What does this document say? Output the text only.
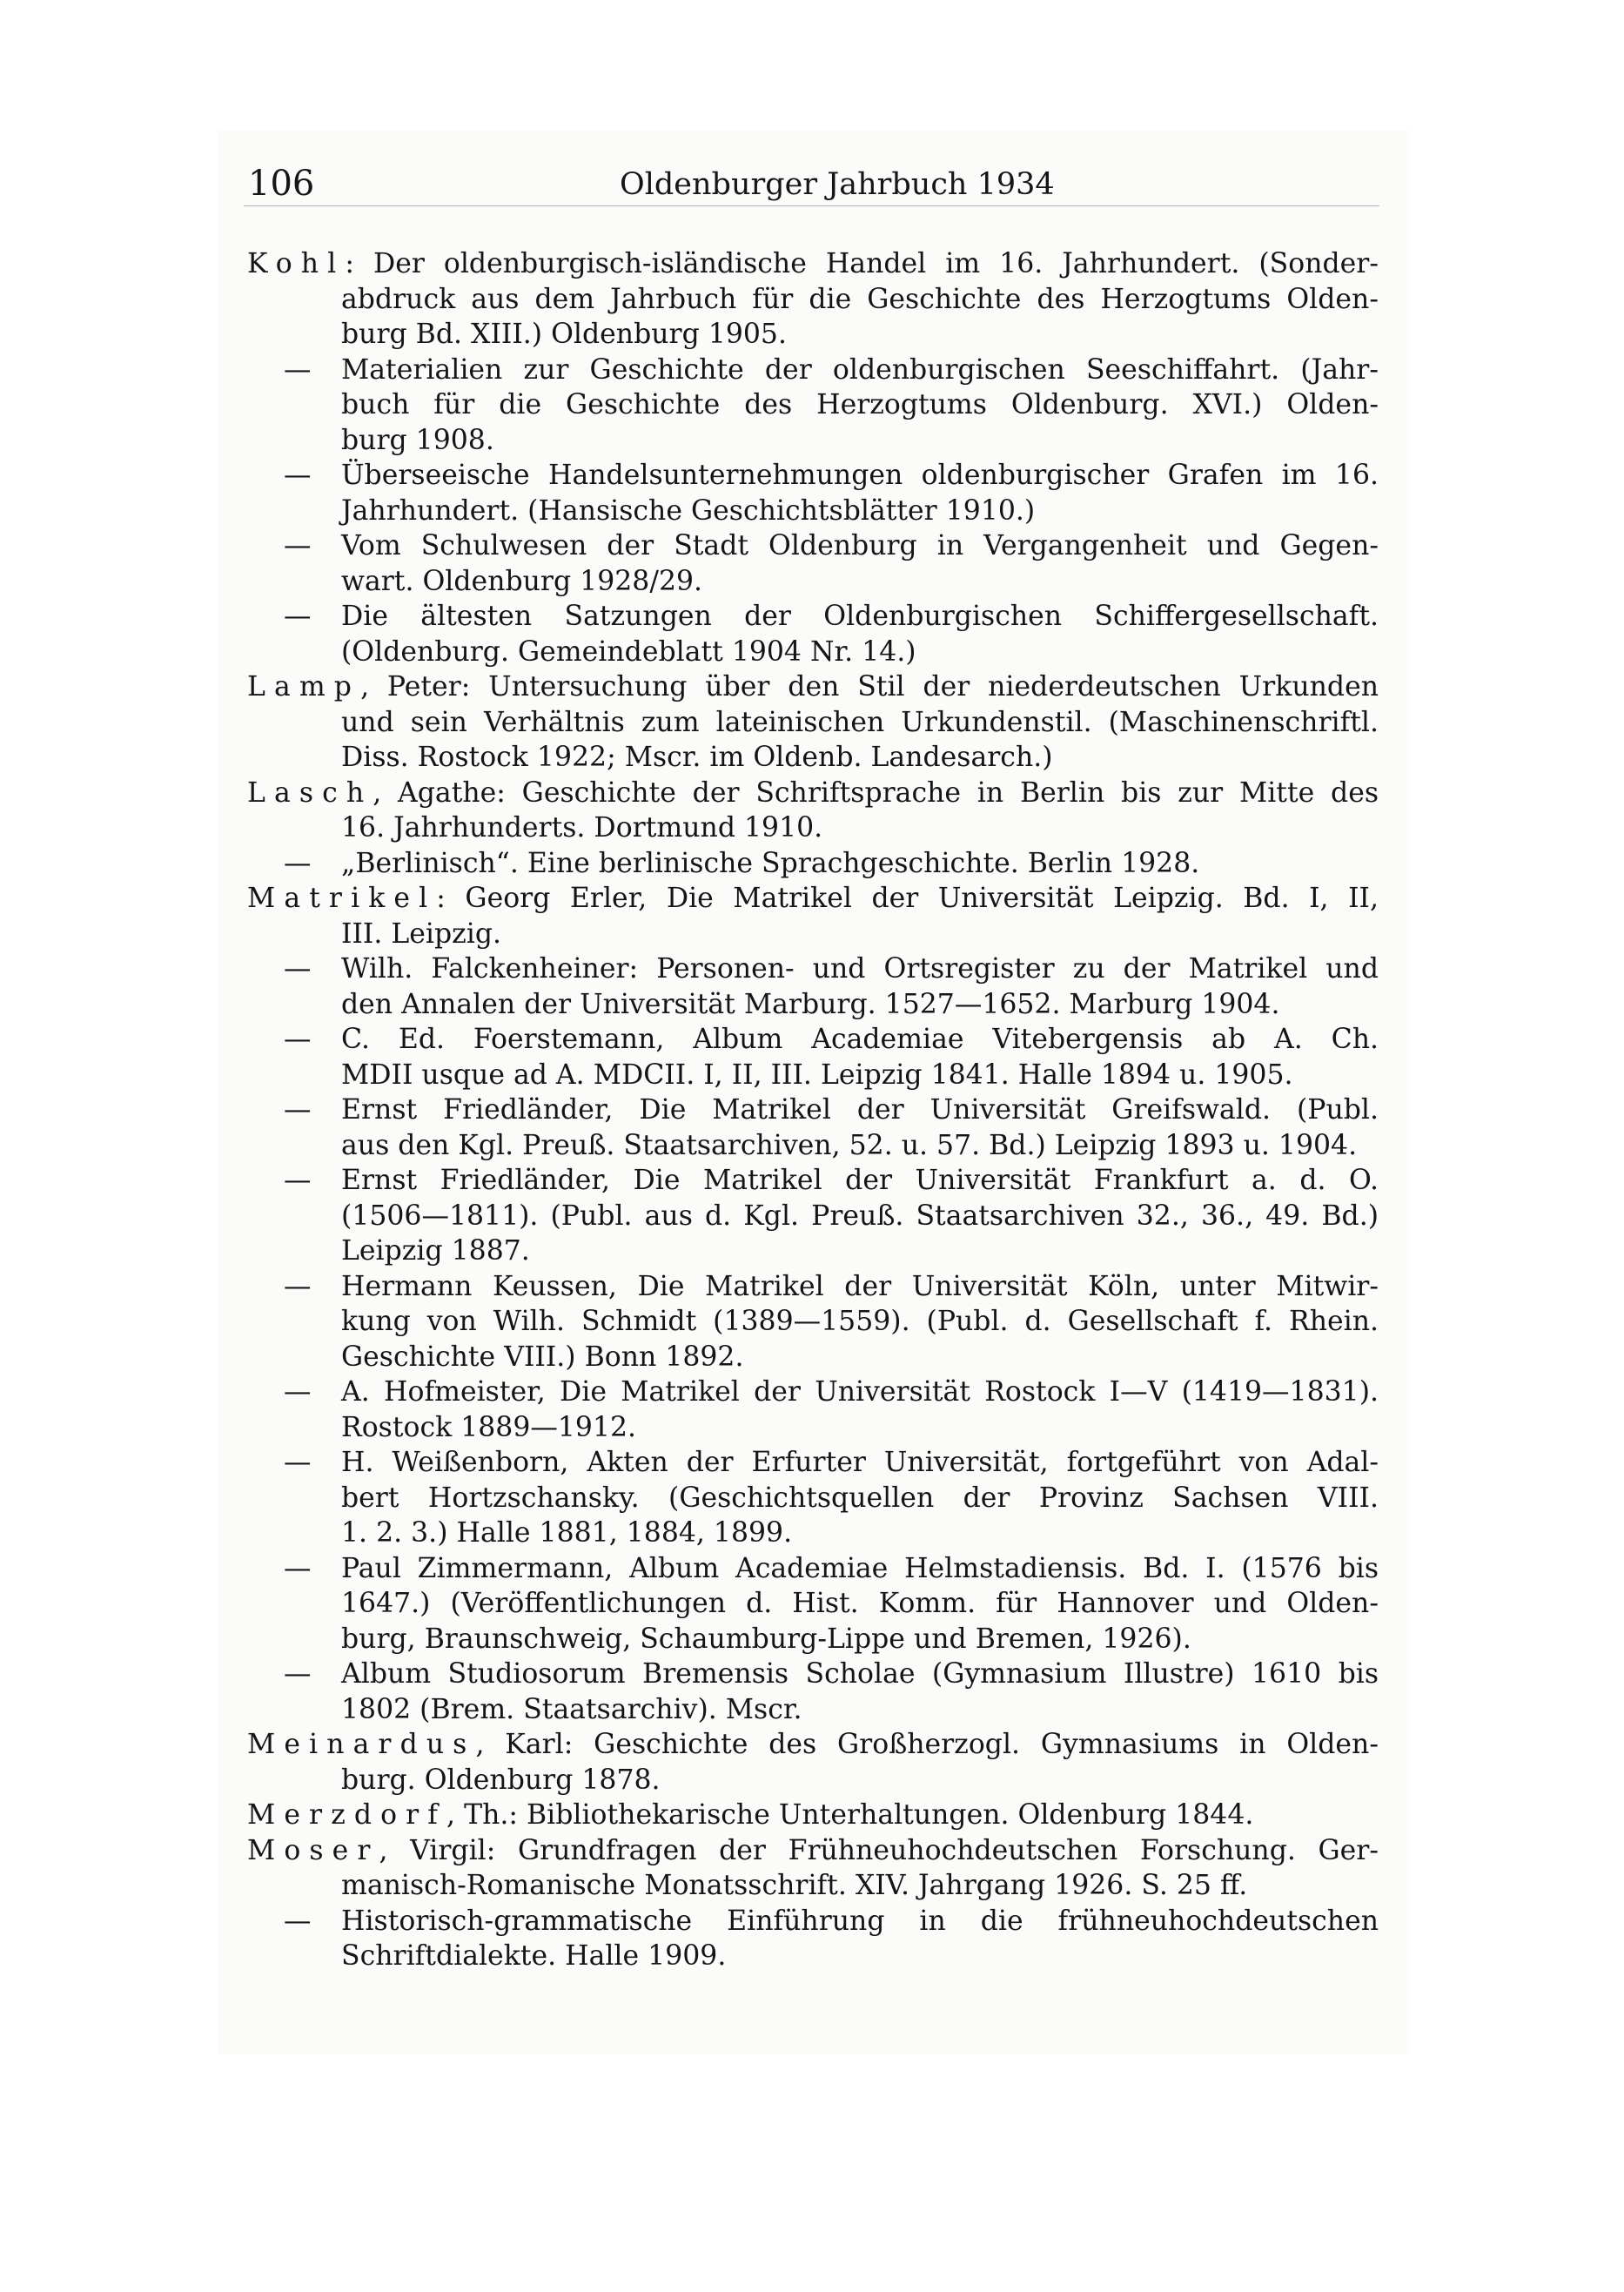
106	Oldenburger Jahrbuch 1934
Kohl: Der oldenburgisch-isländische Handel im 16. Jahrhundert. (Sonder-
abdruck aus dem Jahrbuch für die Geschichte des Herzogtums Olden-
burg Bd. XIII.) Oldenburg 1905.
—	Materialien zur Geschichte der oldenburgischen Seeschiffahrt. (Jahr-
buch für die Geschichte des Herzogtums Oldenburg. XVI.) Olden-
burg 1908.
—	Überseeische Handelsunternehmungen oldenburgischer Grafen im 16.
Jahrhundert. (Hansische Geschichtsblätter 1910.)
—	Vom Schulwesen der Stadt Oldenburg in Vergangenheit und Gegen-
wart. Oldenburg 1928/29.
—	Die ältesten Satzungen der Oldenburgischen Schiffergesellschaft.
(Oldenburg. Gemeindeblatt 1904 Nr. 14.)
Lamp, Peter: Untersuchung über den Stil der niederdeutschen Urkunden
und sein Verhältnis zum lateinischen Urkundenstil. (Maschinenschriftl.
Diss. Rostock 1922; Mscr. im Oldenb. Landesarch.)
Lasch, Agathe: Geschichte der Schriftsprache in Berlin bis zur Mitte des
16. Jahrhunderts. Dortmund 1910.
—	„Berlinisch“. Eine berlinische Sprachgeschichte. Berlin 1928.
Matrikel: Georg Erler, Die Matrikel der Universität Leipzig. Bd. I, II,
III. Leipzig.
—	Wilh. Falckenheiner: Personen- und Ortsregister zu der Matrikel und
den Annalen der Universität Marburg. 1527—1652. Marburg 1904.
—	C. Ed. Foerstemann, Album Academiae Vitebergensis ab A. Ch.
MDII usque ad A. MDCII. I, II, III. Leipzig 1841. Halle 1894 u. 1905.
—	Ernst Friedländer, Die Matrikel der Universität Greifswald. (Publ.
aus den Kgl. Preuß. Staatsarchiven, 52. u. 57. Bd.) Leipzig 1893 u. 1904.
—	Ernst Friedländer, Die Matrikel der Universität Frankfurt a. d. O.
(1506—1811). (Publ. aus d. Kgl. Preuß. Staatsarchiven 32., 36., 49. Bd.)
Leipzig 1887.
—	Hermann Keussen, Die Matrikel der Universität Köln, unter Mitwir-
kung von Wilh. Schmidt (1389—1559). (Publ. d. Gesellschaft f. Rhein.
Geschichte VIII.) Bonn 1892.
—	A. Hofmeister, Die Matrikel der Universität Rostock I—V (1419—1831).
Rostock 1889—1912.
—	H. Weißenborn, Akten der Erfurter Universität, fortgeführt von Adal-
bert Hortzschansky. (Geschichtsquellen der Provinz Sachsen VIII.
1. 2. 3.) Halle 1881, 1884, 1899.
—	Paul Zimmermann, Album Academiae Helmstadiensis. Bd. I. (1576 bis
1647.) (Veröffentlichungen d. Hist. Komm. für Hannover und Olden-
burg, Braunschweig, Schaumburg-Lippe und Bremen, 1926).
—	Album Studiosorum Bremensis Scholae (Gymnasium Illustre) 1610 bis
1802 (Brem. Staatsarchiv). Mscr.
Meinardus, Karl: Geschichte des Großherzogl. Gymnasiums in Olden-
burg. Oldenburg 1878.
Merzdorf, Th.: Bibliothekarische Unterhaltungen. Oldenburg 1844.
Moser, Virgil: Grundfragen der Frühneuhochdeutschen Forschung. Ger-
manisch-Romanische Monatsschrift. XIV. Jahrgang 1926. S. 25 ff.
—	Historisch-grammatische Einführung in die frühneuhochdeutschen
Schriftdialekte. Halle 1909.
